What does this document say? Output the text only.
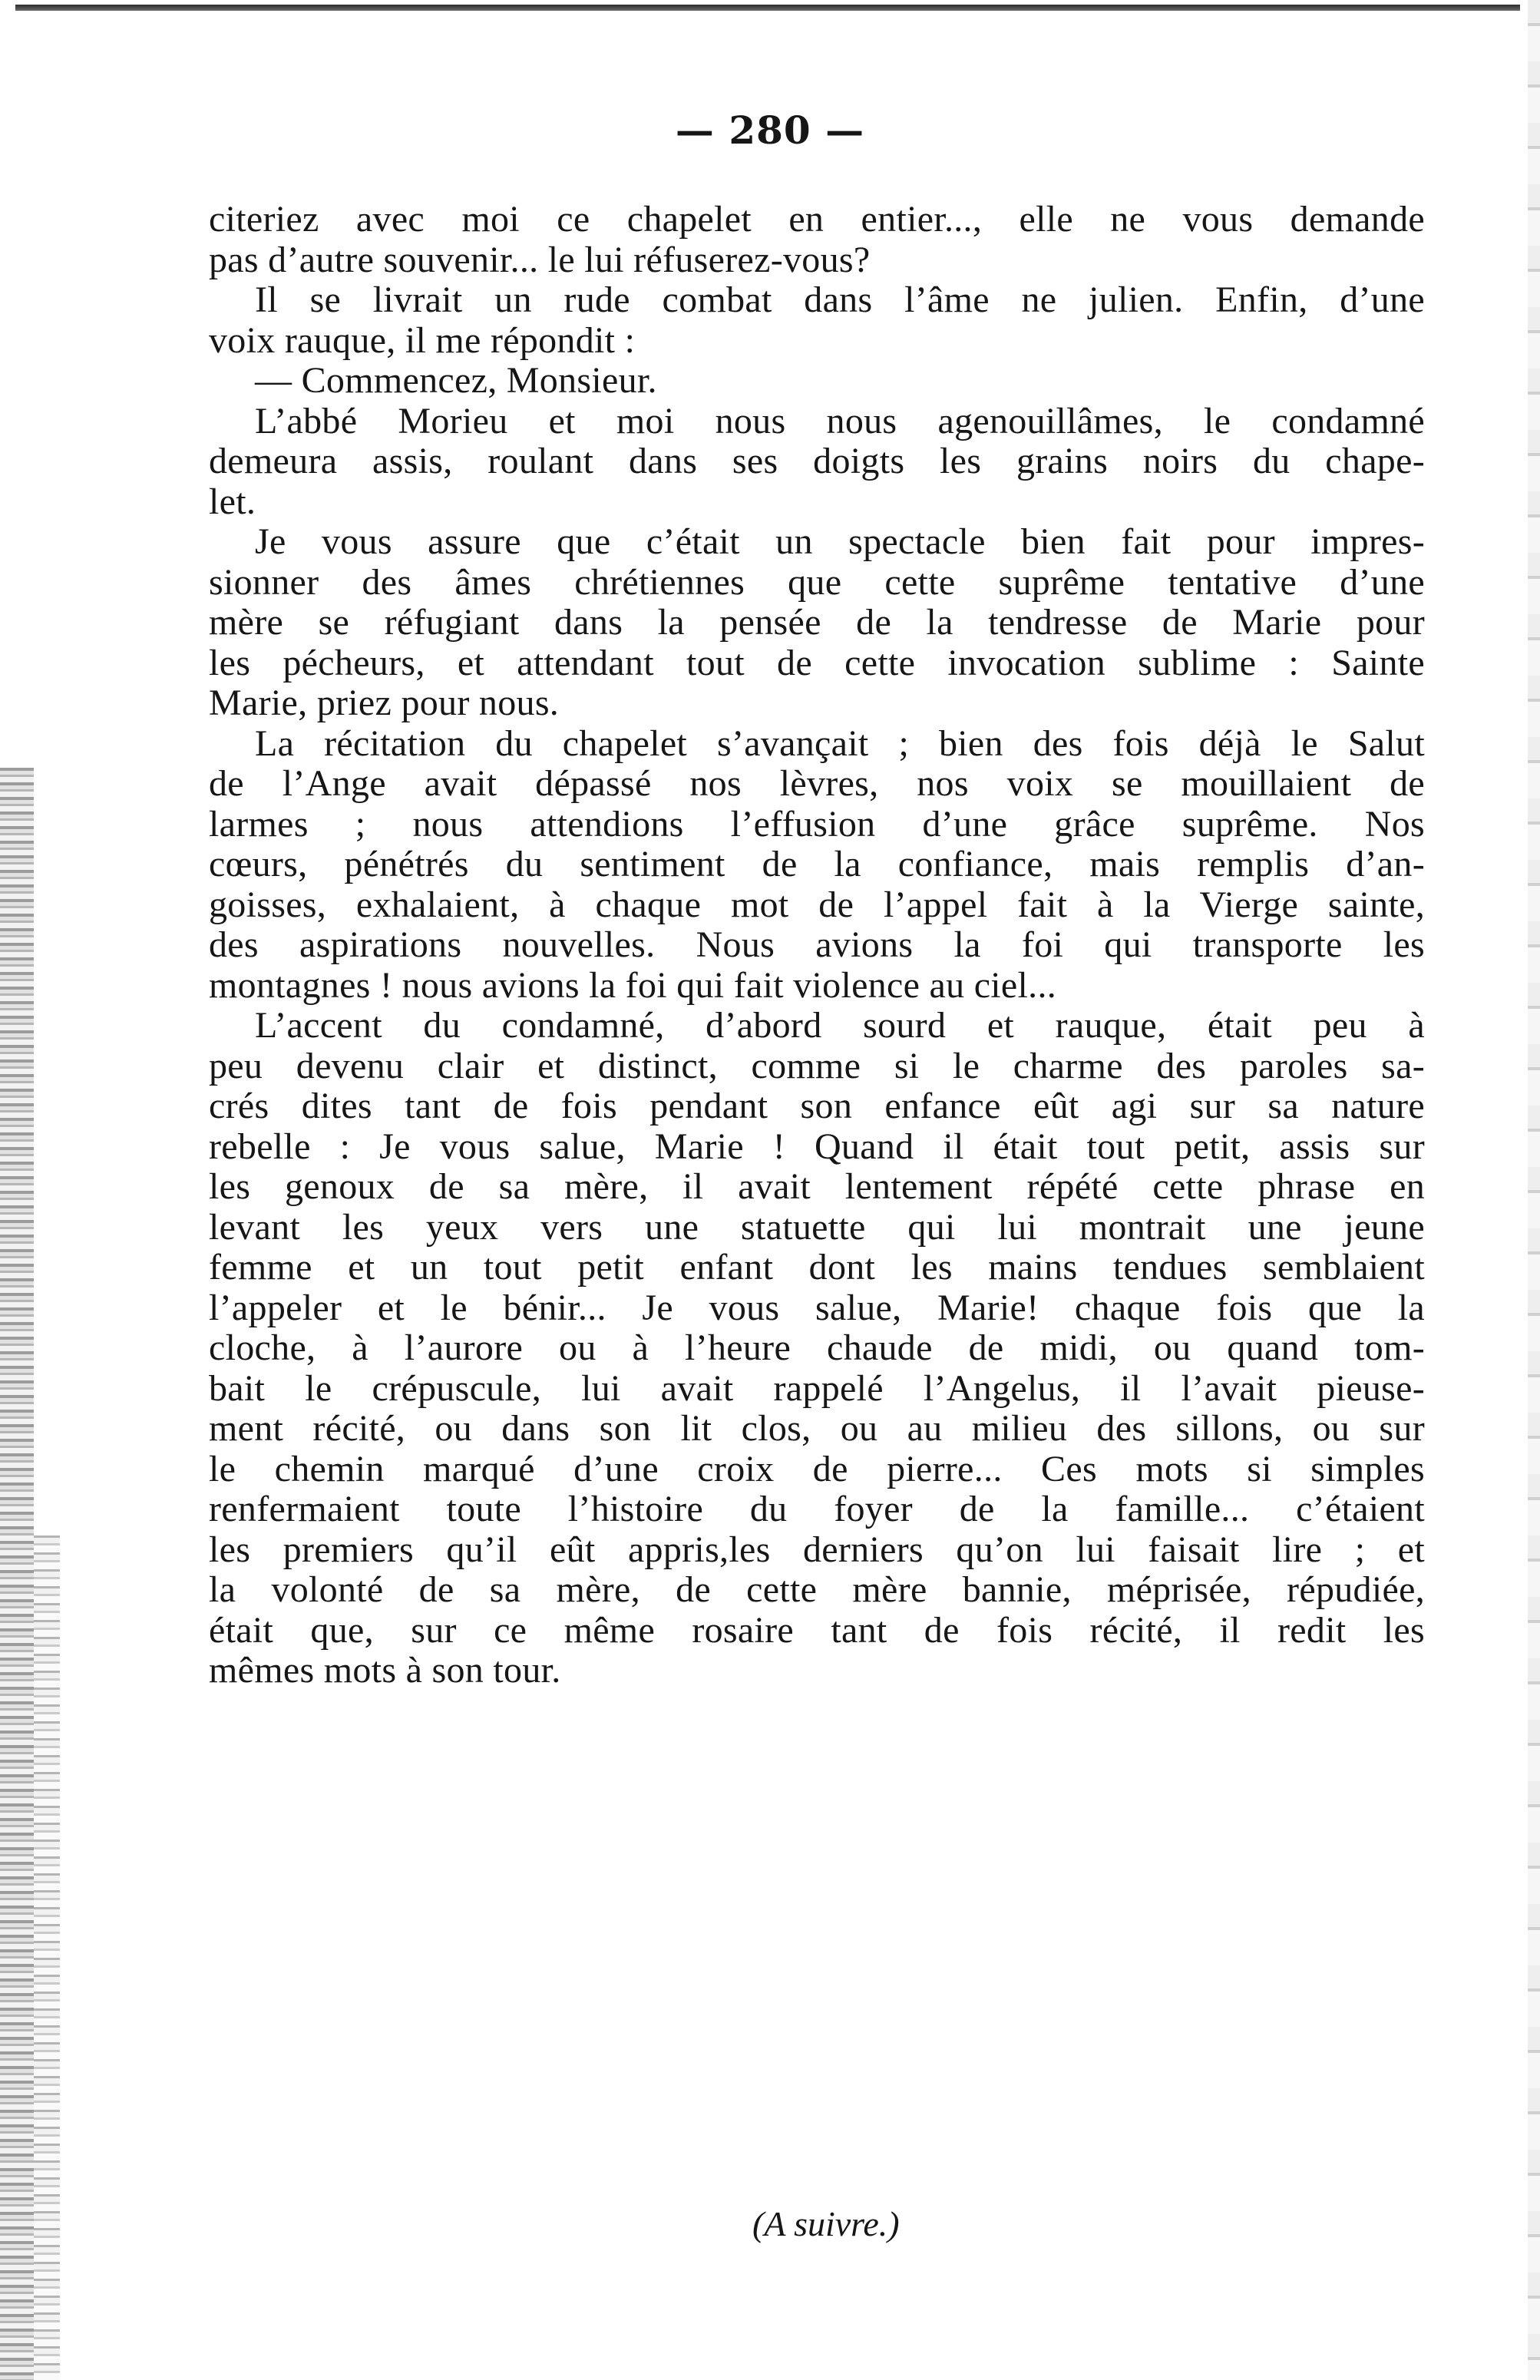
— 280 —
citeriez avec moi ce chapelet en entier..., elle ne vous demande
pas d’autre souvenir... le lui réfuserez-vous?
Il se livrait un rude combat dans l’âme ne julien. Enfin, d’une
voix rauque, il me répondit :
— Commencez, Monsieur.
L’abbé Morieu et moi nous nous agenouillâmes, le condamné
demeura assis, roulant dans ses doigts les grains noirs du chape-
let.
Je vous assure que c’était un spectacle bien fait pour impres-
sionner des âmes chrétiennes que cette suprême tentative d’une
mère se réfugiant dans la pensée de la tendresse de Marie pour
les pécheurs, et attendant tout de cette invocation sublime : Sainte
Marie, priez pour nous.
La récitation du chapelet s’avançait ; bien des fois déjà le Salut
de l’Ange avait dépassé nos lèvres, nos voix se mouillaient de
larmes ; nous attendions l’effusion d’une grâce suprême. Nos
cœurs, pénétrés du sentiment de la confiance, mais remplis d’an-
goisses, exhalaient, à chaque mot de l’appel fait à la Vierge sainte,
des aspirations nouvelles. Nous avions la foi qui transporte les
montagnes ! nous avions la foi qui fait violence au ciel...
L’accent du condamné, d’abord sourd et rauque, était peu à
peu devenu clair et distinct, comme si le charme des paroles sa-
crés dites tant de fois pendant son enfance eût agi sur sa nature
rebelle : Je vous salue, Marie ! Quand il était tout petit, assis sur
les genoux de sa mère, il avait lentement répété cette phrase en
levant les yeux vers une statuette qui lui montrait une jeune
femme et un tout petit enfant dont les mains tendues semblaient
l’appeler et le bénir... Je vous salue, Marie! chaque fois que la
cloche, à l’aurore ou à l’heure chaude de midi, ou quand tom-
bait le crépuscule, lui avait rappelé l’Angelus, il l’avait pieuse-
ment récité, ou dans son lit clos, ou au milieu des sillons, ou sur
le chemin marqué d’une croix de pierre... Ces mots si simples
renfermaient toute l’histoire du foyer de la famille... c’étaient
les premiers qu’il eût appris,les derniers qu’on lui faisait lire ; et
la volonté de sa mère, de cette mère bannie, méprisée, répudiée,
était que, sur ce même rosaire tant de fois récité, il redit les
mêmes mots à son tour.
(A suivre.)
